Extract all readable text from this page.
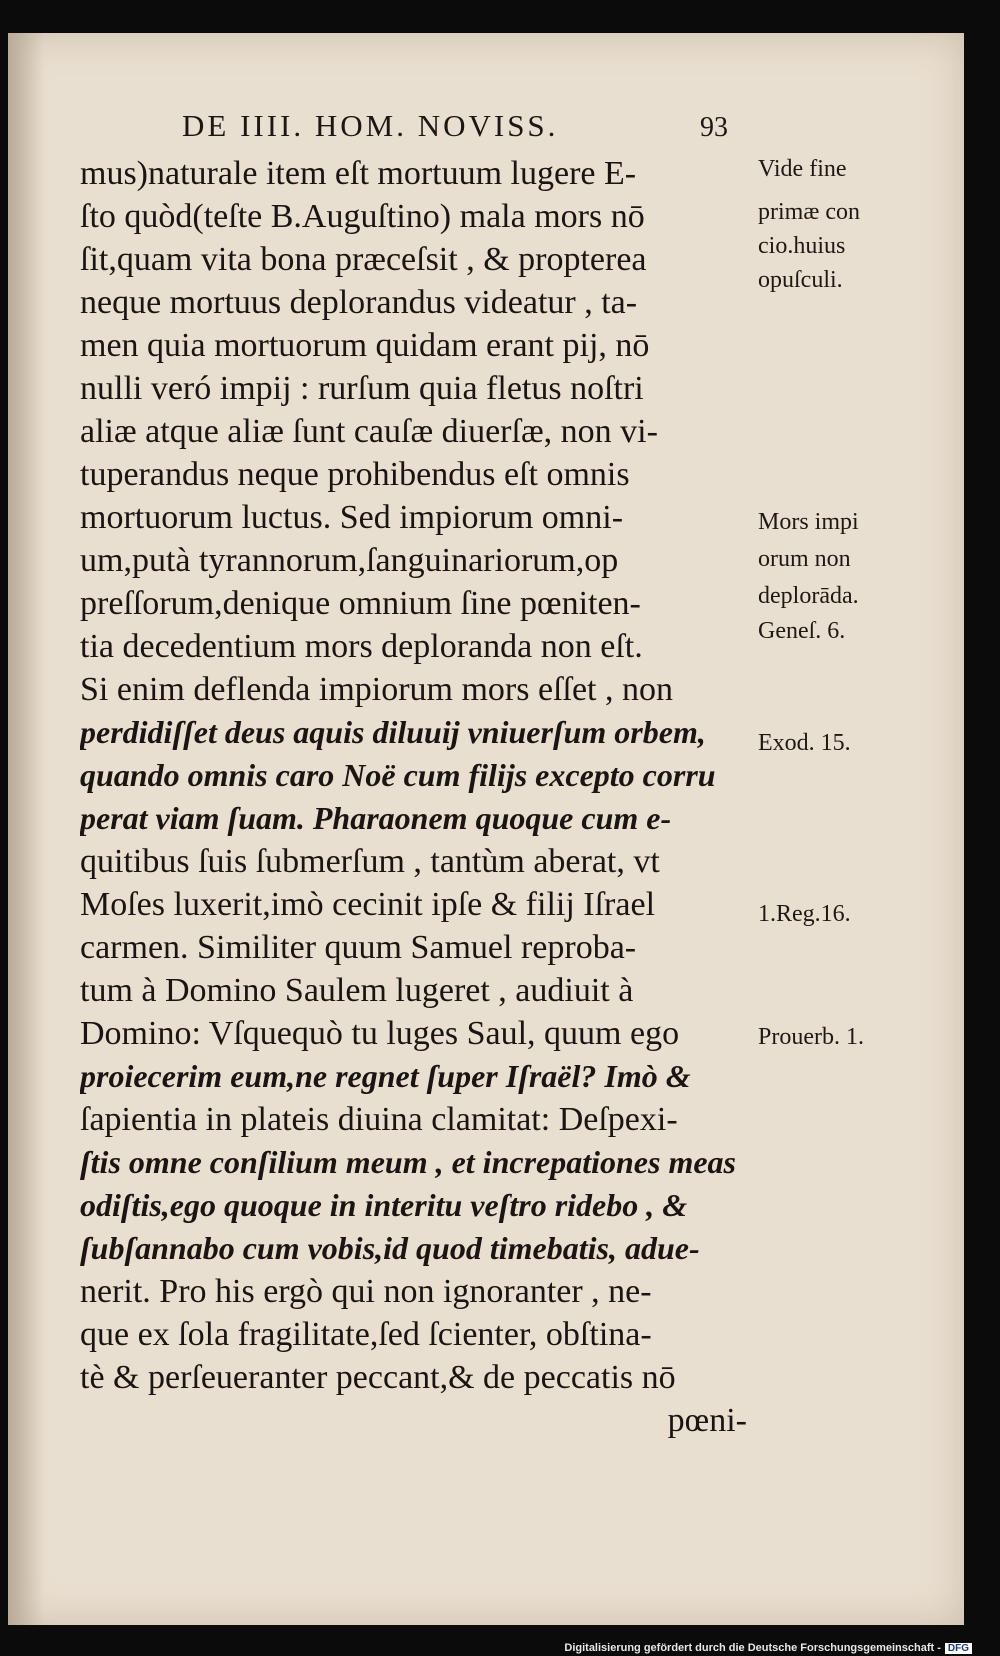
DE IIII. HOM. NOVISS.	93
mus)naturale item eſt mortuum lugere E-
ſto quòd(teſte B.Auguſtino) mala mors nō
ſit,quam vita bona præceſsit , & propterea
neque mortuus deplorandus videatur , ta-
men quia mortuorum quidam erant pij, nō
nulli veró impij : rurſum quia fletus noſtri
aliæ atque aliæ ſunt cauſæ diuerſæ, non vi-
tuperandus neque prohibendus eſt omnis
mortuorum luctus. Sed impiorum omni-
um,putà tyrannorum,ſanguinariorum,op
preſſorum,denique omnium ſine pœniten-
tia decedentium mors deploranda non eſt.
Si enim deflenda impiorum mors eſſet , non
perdidiſſet deus aquis diluuij vniuerſum orbem,
quando omnis caro Noë cum filijs excepto corru
perat viam ſuam. Pharaonem quoque cum e-
quitibus ſuis ſubmerſum , tantùm aberat, vt
Moſes luxerit,imò cecinit ipſe & filij Iſrael
carmen. Similiter quum Samuel reproba-
tum à Domino Saulem lugeret , audiuit à
Domino: Vſquequò tu luges Saul, quum ego
proiecerim eum,ne regnet ſuper Iſraël? Imò &
ſapientia in plateis diuina clamitat: Deſpexi-
ſtis omne conſilium meum , et increpationes meas
odiſtis,ego quoque in interitu veſtro ridebo , &
ſubſannabo cum vobis,id quod timebatis, adue-
nerit. Pro his ergò qui non ignoranter , ne-
que ex ſola fragilitate,ſed ſcienter, obſtina-
tè & perſeueranter peccant,& de peccatis nō
pœni-
Vide fine
primæ con
cio.huius
opuſculi.
Mors impi
orum non
deplorāda.
Geneſ. 6.
Exod. 15.
1.Reg.16.
Prouerb. 1.
Digitalisierung gefördert durch die Deutsche Forschungsgemeinschaft - DFG
